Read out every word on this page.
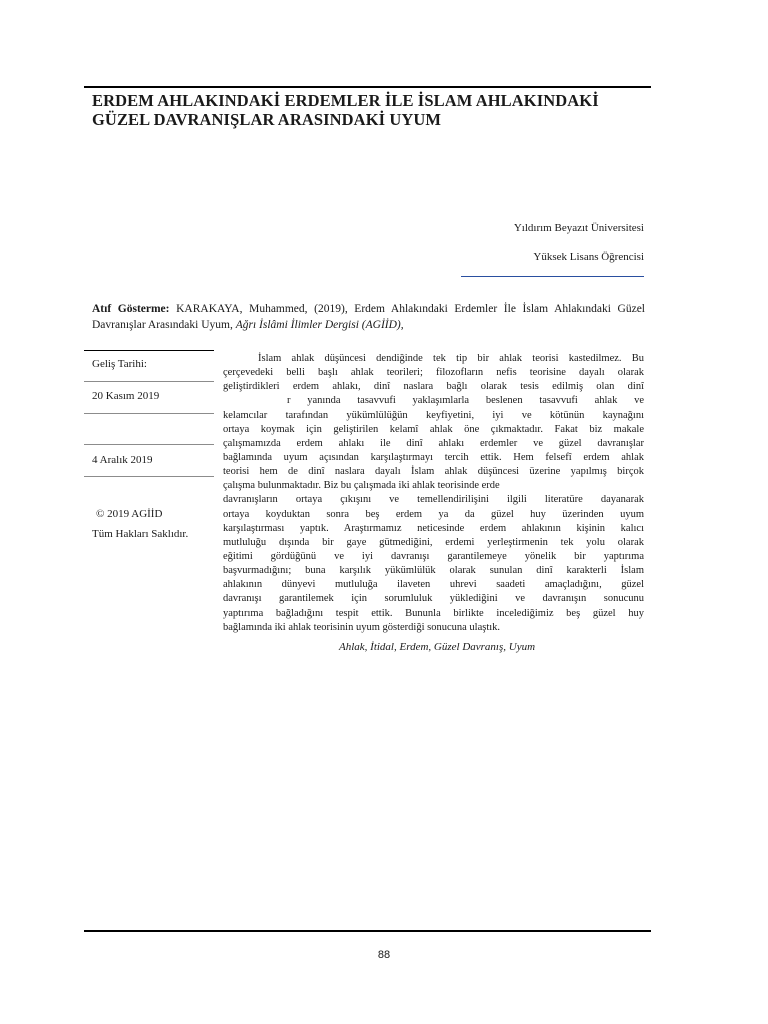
ERDEM AHLAKINDAKİ ERDEMLER İLE İSLAM AHLAKINDAKİ
GÜZEL DAVRANIŞLAR ARASINDAKİ UYUM
Yıldırım Beyazıt Üniversitesi
Yüksek Lisans Öğrencisi
Atıf Gösterme: KARAKAYA, Muhammed, (2019), Erdem Ahlakındaki Erdemler İle İslam Ahlakındaki Güzel Davranışlar Arasındaki Uyum, Ağrı İslâmi İlimler Dergisi (AGİİD),
Geliş Tarihi:
20 Kasım 2019
4 Aralık 2019
© 2019 AGİİD
Tüm Hakları Saklıdır.
İslam ahlak düşüncesi dendiğinde tek tip bir ahlak teorisi kastedilmez. Bu
çerçevedeki belli başlı ahlak teorileri; filozofların nefis teorisine dayalı olarak
geliştirdikleri erdem ahlakı, dinî naslara bağlı olarak tesis edilmiş olan dinî
r yanında tasavvufi yaklaşımlarla beslenen tasavvufi ahlak ve
kelamcılar tarafından yükümlülüğün keyfiyetini, iyi ve kötünün kaynağını
ortaya koymak için geliştirilen kelamî ahlak öne çıkmaktadır. Fakat biz makale
çalışmamızda erdem ahlakı ile dinî ahlakı erdemler ve güzel davranışlar
bağlamında uyum açısından karşılaştırmayı tercih ettik. Hem felsefî erdem ahlak
teorisi hem de dinî naslara dayalı İslam ahlak düşüncesi üzerine yapılmış birçok
çalışma bulunmaktadır. Biz bu çalışmada iki ahlak teorisinde erde
davranışların ortaya çıkışını ve temellendirilişini ilgili literatüre dayanarak
ortaya koyduktan sonra beş erdem ya da güzel huy üzerinden uyum
karşılaştırması yaptık. Araştırmamız neticesinde erdem ahlakının kişinin kalıcı
mutluluğu dışında bir gaye gütmediğini, erdemi yerleştirmenin tek yolu olarak
eğitimi gördüğünü ve iyi davranışı garantilemeye yönelik bir yaptırıma
başvurmadığını; buna karşılık yükümlülük olarak sunulan dinî karakterli İslam
ahlakının dünyevi mutluluğa ilaveten uhrevi saadeti amaçladığını, güzel
davranışı garantilemek için sorumluluk yüklediğini ve davranışın sonucunu
yaptırıma bağladığını tespit ettik. Bununla birlikte incelediğimiz beş güzel huy
bağlamında iki ahlak teorisinin uyum gösterdiği sonucuna ulaştık.
Ahlak, İtidal, Erdem, Güzel Davranış, Uyum
88
